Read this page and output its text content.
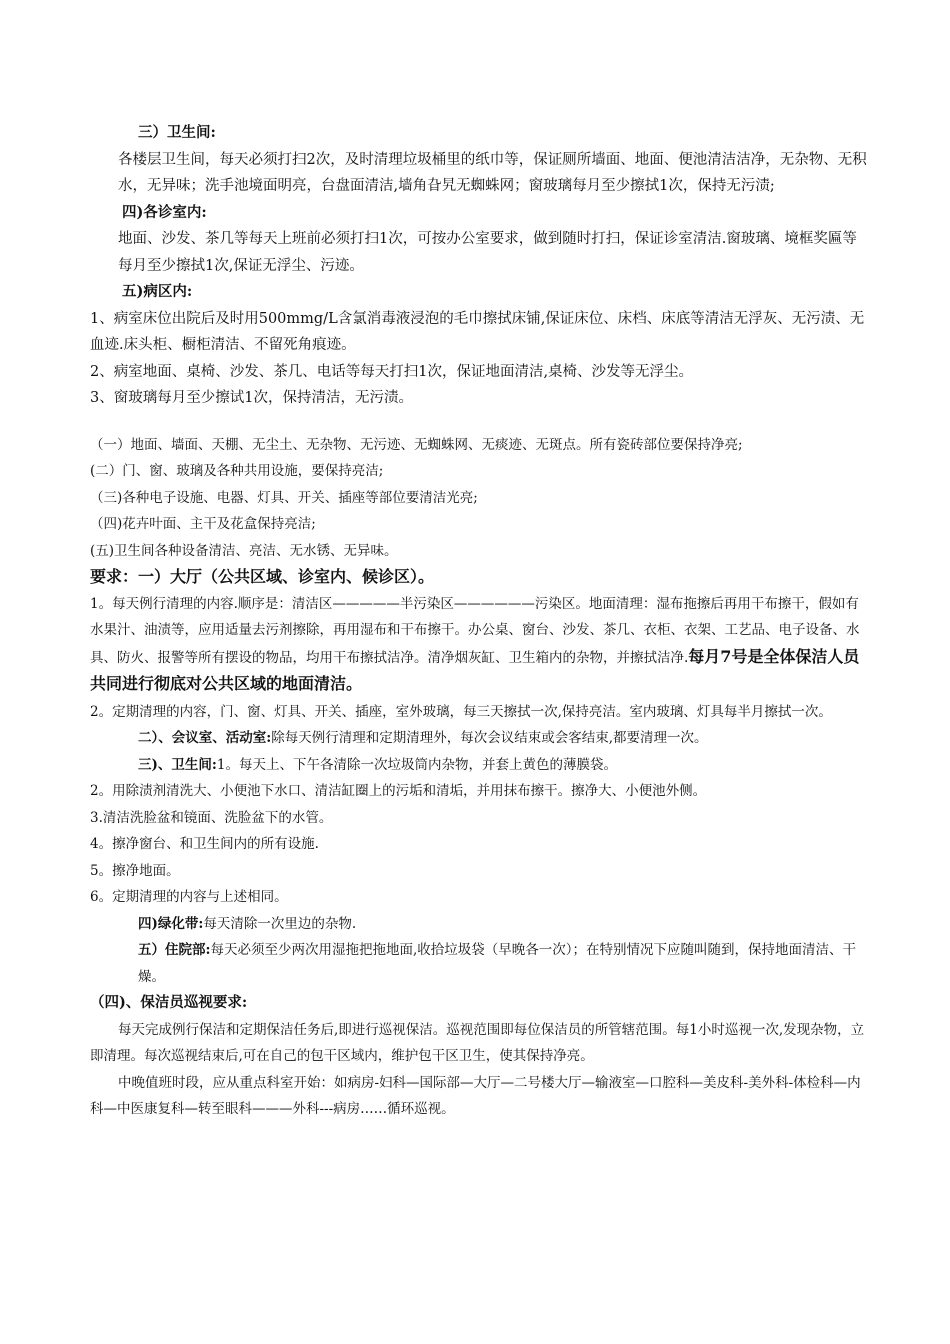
三）卫生间:

各楼层卫生间，每天必须打扫2次，及时清理垃圾桶里的纸巾等，保证厕所墙面、地面、便池清洁洁净，无杂物、无积水，无异味；洗手池境面明亮，台盘面清洁,墙角旮旯无蜘蛛网；窗玻璃每月至少擦拭1次，保持无污渍;

四)各诊室内:

地面、沙发、茶几等每天上班前必须打扫1次，可按办公室要求，做到随时打扫，保证诊室清洁.窗玻璃、境框奖匾等每月至少擦拭1次,保证无浮尘、污迹。

五)病区内:

1、病室床位出院后及时用500mmg/L含氯消毒液浸泡的毛巾擦拭床铺,保证床位、床档、床底等清洁无浮灰、无污渍、无血迹.床头柜、橱柜清洁、不留死角痕迹。

2、病室地面、桌椅、沙发、茶几、电话等每天打扫1次，保证地面清洁,桌椅、沙发等无浮尘。

3、窗玻璃每月至少擦试1次，保持清洁，无污渍。

（一）地面、墙面、天棚、无尘土、无杂物、无污迹、无蜘蛛网、无痰迹、无斑点。所有瓷砖部位要保持净亮;

(二）门、窗、玻璃及各种共用设施，要保持亮洁;

（三)各种电子设施、电器、灯具、开关、插座等部位要清洁光亮;

（四)花卉叶面、主干及花盒保持亮洁;

(五)卫生间各种设备清洁、亮洁、无水锈、无异味。

要求：一）大厅（公共区域、诊室内、候诊区）。

1。每天例行清理的内容.顺序是：清洁区—————半污染区——————污染区。地面清理：湿布拖擦后再用干布擦干，假如有水果汁、油渍等，应用适量去污剂擦除，再用湿布和干布擦干。办公桌、窗台、沙发、茶几、衣柜、衣架、工艺品、电子设备、水具、防火、报警等所有摆设的物品，均用干布擦拭洁净。清净烟灰缸、卫生箱内的杂物，并擦拭洁净.每月7号是全体保洁人员共同进行彻底对公共区域的地面清洁。

2。定期清理的内容，门、窗、灯具、开关、插座，室外玻璃，每三天擦拭一次,保持亮洁。室内玻璃、灯具每半月擦拭一次。

二）、会议室、活动室:除每天例行清理和定期清理外，每次会议结束或会客结束,都要清理一次。

三)、卫生间:1。每天上、下午各清除一次垃圾筒内杂物，并套上黄色的薄膜袋。

2。用除渍剂清洗大、小便池下水口、清洁缸圈上的污垢和清垢，并用抹布擦干。擦净大、小便池外侧。

3.清洁洗脸盆和镜面、洗脸盆下的水管。

4。擦净窗台、和卫生间内的所有设施.

5。擦净地面。

6。定期清理的内容与上述相同。

四)绿化带:每天清除一次里边的杂物.

五）住院部:每天必须至少两次用湿拖把拖地面,收拾垃圾袋（早晚各一次）；在特别情况下应随叫随到，保持地面清洁、干燥。

（四)、保洁员巡视要求:

每天完成例行保洁和定期保洁任务后,即进行巡视保洁。巡视范围即每位保洁员的所管辖范围。每1小时巡视一次,发现杂物，立即清理。每次巡视结束后,可在自己的包干区域内，维护包干区卫生，使其保持净亮。

中晚值班时段，应从重点科室开始：如病房-妇科—国际部—大厅—二号楼大厅—输液室—口腔科—美皮科-美外科-体检科—内科—中医康复科—转至眼科———外科---病房……循环巡视。
